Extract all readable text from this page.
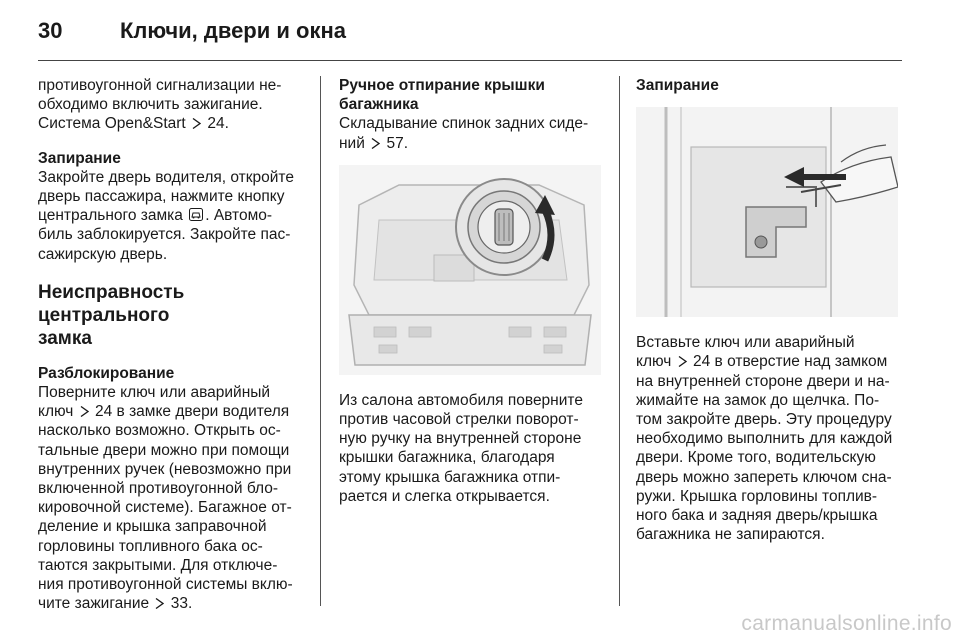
30	Ключи, двери и окна

противоугонной сигнализации не-

обходимо включить зажигание.

Система Open&Start 24.

Запирание

Закройте дверь водителя, откройте

дверь пассажира, нажмите кнопку

центрального замка . Автомо-

биль заблокируется. Закройте пас-

сажирскую дверь.

Неисправность центрального
замка

Разблокирование

Поверните ключ или аварийный

ключ 24 в замке двери водителя

насколько возможно. Открыть ос-

тальные двери можно при помощи

внутренних ручек (невозможно при

включенной противоугонной бло-

кировочной системе). Багажное от-

деление и крышка заправочной

горловины топливного бака ос-

таются закрытыми. Для отключе-

ния противоугонной системы вклю-

чите зажигание 33.

Ручное отпирание крышки
багажника

Складывание спинок задних сиде-

ний 57.

Из салона автомобиля поверните

против часовой стрелки поворот-

ную ручку на внутренней стороне

крышки багажника, благодаря

этому крышка багажника отпи-

рается и слегка открывается.

Запирание

Вставьте ключ или аварийный

ключ 24 в отверстие над замком

на внутренней стороне двери и на-

жимайте на замок до щелчка. По-

том закройте дверь. Эту процедуру

необходимо выполнить для каждой

двери. Кроме того, водительскую

дверь можно запереть ключом сна-

ружи. Крышка горловины топлив-

ного бака и задняя дверь/крышка

багажника не запираются.

carmanualsonline.info
